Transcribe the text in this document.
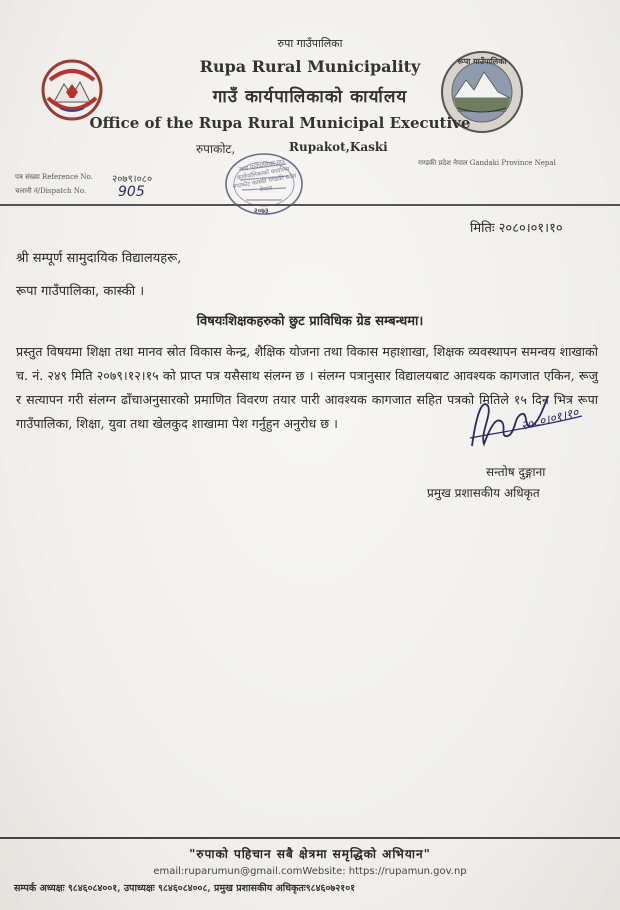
रूपा गाउँपालिका
रुपा गाउँपालिका
Rupa Rural Municipality
गाउँ कार्यपालिकाको कार्यालय
Office of the Rupa Rural Municipal Executive
रुपाकोट,	Rupakot,Kaski
गण्डकी प्रदेश नेपाल Gandaki Province Nepal
पत्र संख्या Reference No. २०७९।०८०
चलानी नं/Dispatch No. 905
रूपा गाउँपालिका गाउँ कार्यपालिकाको कार्यालय रुपाकोट कास्की गण्डकी प्रदेश नेपाल
२०७३
मितिः २०८०।०१।१०
श्री सम्पूर्ण सामुदायिक विद्यालयहरू,
रूपा गाउँपालिका, कास्की ।
विषयःशिक्षकहरुको छुट प्राविधिक ग्रेड सम्बन्धमा।
प्रस्तुत विषयमा शिक्षा तथा मानव स्रोत विकास केन्द्र, शैक्षिक योजना तथा विकास महाशाखा, शिक्षक व्यवस्थापन समन्वय शाखाको च. नं. २४९ मिति २०७९।१२।१५ को प्राप्त पत्र यसैसाथ संलग्न छ । संलग्न पत्रानुसार विद्यालयबाट आवश्यक कागजात एकिन, रूजु र सत्यापन गरी संलग्न ढाँचाअनुसारको प्रमाणित विवरण तयार पारी आवश्यक कागजात सहित पत्रको मितिले १५ दिन भित्र रूपा गाउँपालिका, शिक्षा, युवा तथा खेलकुद शाखामा पेश गर्नुहुन अनुरोध छ ।	२०८०।०१।१०
सन्तोष दुङ्गाना
प्रमुख प्रशासकीय अधिकृत
"रुपाको पहिचान सबै क्षेत्रमा समृद्धिको अभियान"
email:ruparumun@gmail.comWebsite: https://rupamun.gov.np
सम्पर्क अध्यक्षः ९८४६०८४००१, उपाध्यक्षः ९८४६०८४००८, प्रमुख प्रशासकीय अधिकृतः९८४६०७२१०१
